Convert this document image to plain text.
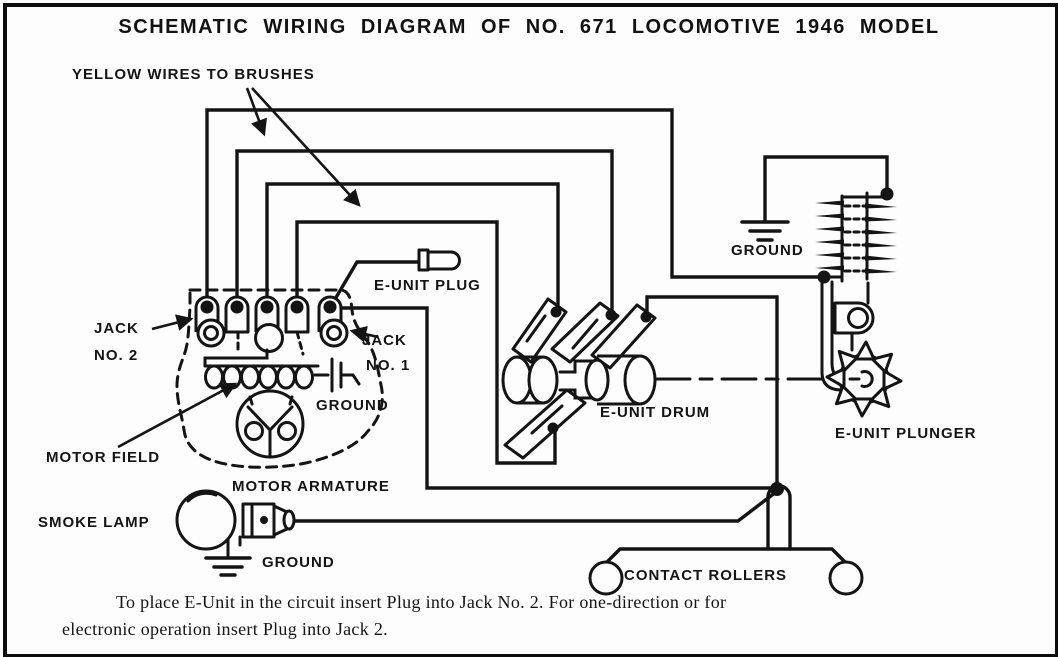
SCHEMATIC WIRING DIAGRAM OF NO. 671 LOCOMOTIVE 1946 MODEL
YELLOW WIRES TO BRUSHES
E-UNIT PLUG
JACK
NO. 2
JACK
NO. 1
GROUND
MOTOR FIELD
MOTOR ARMATURE
SMOKE LAMP
GROUND
E-UNIT DRUM
GROUND
E-UNIT PLUNGER
CONTACT ROLLERS
To place E-Unit in the circuit insert Plug into Jack No. 2. For one-direction or for
electronic operation insert Plug into Jack 2.
